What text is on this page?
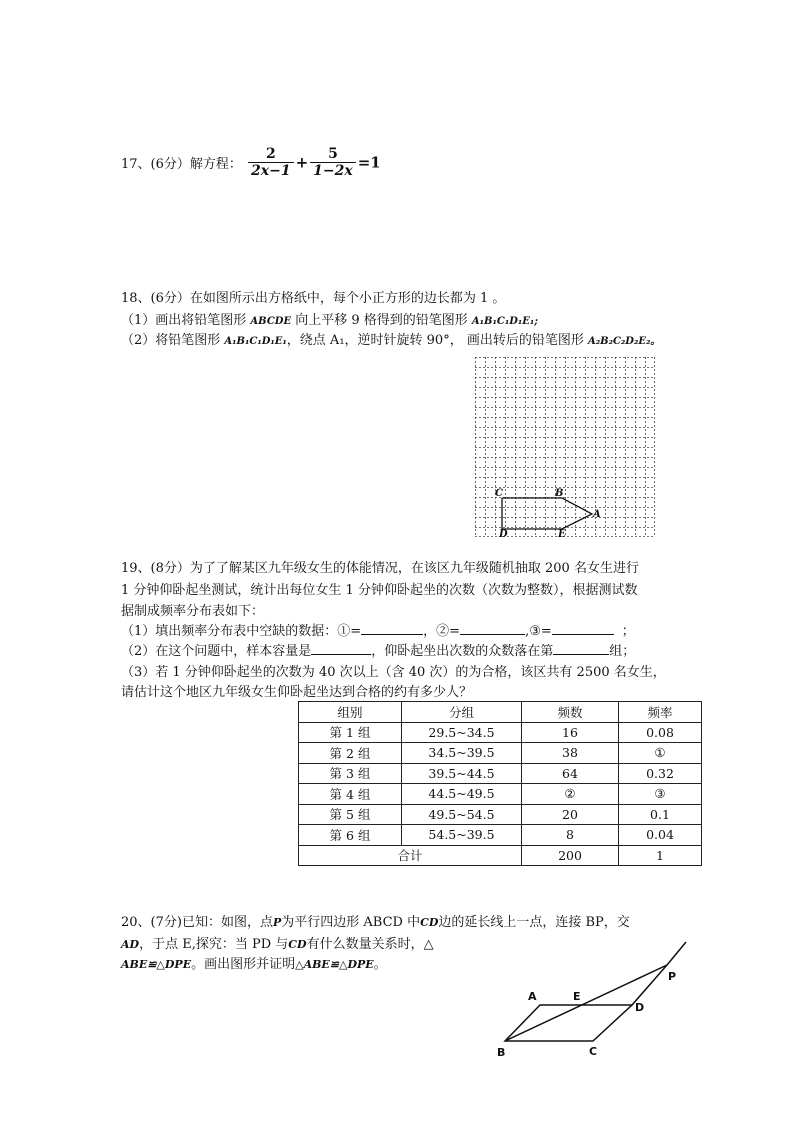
17、(6分）解方程： $\frac{2}{2x-1} + \frac{5}{1-2x} =1$
18、(6分）在如图所示出方格纸中，每个小正方形的边长都为 1 。
（1）画出将铅笔图形 ABCDE 向上平移 9 格得到的铅笔图形 A₁B₁C₁D₁E₁;
（2）将铅笔图形 A₁B₁C₁D₁E₁，绕点 A₁，逆时针旋转 90°， 画出转后的铅笔图形 A₂B₂C₂D₂E₂。
C	B
A
D	E
19、(8分）为了了解某区九年级女生的体能情况，在该区九年级随机抽取 200 名女生进行
1 分钟仰卧起坐测试，统计出每位女生 1 分钟仰卧起坐的次数（次数为整数），根据测试数
据制成频率分布表如下：
（1）填出频率分布表中空缺的数据：①=	，②=	,③=	；
（2）在这个问题中，样本容量是	，仰卧起坐出次数的众数落在第	组；
（3）若 1 分钟仰卧起坐的次数为 40 次以上（含 40 次）的为合格，该区共有 2500 名女生，
请估计这个地区九年级女生仰卧起坐达到合格的约有多少人？
组别	分组	频数	频率
第 1 组	29.5~34.5	16	0.08
第 2 组	34.5~39.5	38	①
第 3 组	39.5~44.5	64	0.32
第 4 组	44.5~49.5	②	③
第 5 组	49.5~54.5	20	0.1
第 6 组	54.5~39.5	8	0.04
合计		200	1
20、(7分)已知：如图，点P为平行四边形 ABCD 中CD边的延长线上一点，连接 BP，交
AD，于点 E,探究：当 PD 与CD有什么数量关系时，△
ABE≌△DPE。画出图形并证明△ABE≌△DPE。
A	E
D
P
B	C
